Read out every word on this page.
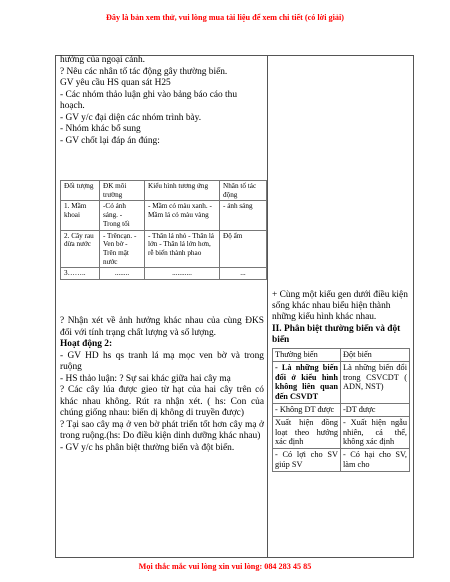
Đây là bản xem thử, vui lòng mua tài liệu để xem chi tiết (có lời giải)

hưởng của ngoại cảnh.

? Nêu các nhân tố tác động gây thường biến.

GV yêu cầu HS quan sát H25

- Các nhóm thảo luận ghi vào bảng báo cáo thu hoạch.

- GV y/c đại diện các nhóm trình bày.

- Nhóm khác bổ sung

- GV chốt lại đáp án đúng:

Đối tượng	ĐK môi trường	Kiểu hình tương ứng	Nhân tố tác động
1. Mầm khoai	-Có ánh sáng. - Trong tối	- Mầm có màu xanh. - Mầm lá có màu vàng	- ánh sáng
2. Cây rau dừa nước	- Trêncạn. - Ven bờ - Trên mặt nước	- Thân lá nhỏ - Thân lá lớn - Thân lá lớn hơn, rễ biến thành phao	Độ ẩm
3……..	........	...........	...

? Nhận xét về ảnh hưởng khác nhau của cùng ĐKS đối với tính trạng chất lượng và số lượng.

Hoạt động 2:

- GV HD hs qs tranh lá mạ mọc ven bờ và trong ruộng

- HS thảo luận: ? Sự sai khác giữa hai cây mạ

? Các cây lúa được gieo từ hạt của hai cây trên có khác nhau không. Rút ra nhận xét. ( hs: Con của chúng giống nhau: biến dị không di truyền được)

? Tại sao cây mạ ở ven bờ phát triển tốt hơn cây mạ ở trong ruộng.(hs: Do điều kiện dinh dưỡng khác nhau)

- GV y/c hs phân biệt thường biến và đột biến.

+ Cùng một kiểu gen dưới điều kiện sống khác nhau biểu hiện thành những kiểu hình khác nhau.

II. Phân biệt thường biến và đột biến

Thường biến	Đột biến
- Là những biến đổi ở kiểu hình không liên quan đến CSVDT	Là những biến đổi trong CSVCDT ( ADN, NST)
- Không DT được	-DT được
Xuất hiện đồng loạt theo hướng xác định	- Xuất hiện ngẫu nhiên, cá thể, không xác định
- Có lợi cho SV giúp SV	- Có hại cho SV, làm cho
Mọi thắc mắc vui lòng xin vui lòng: 084 283 45 85
